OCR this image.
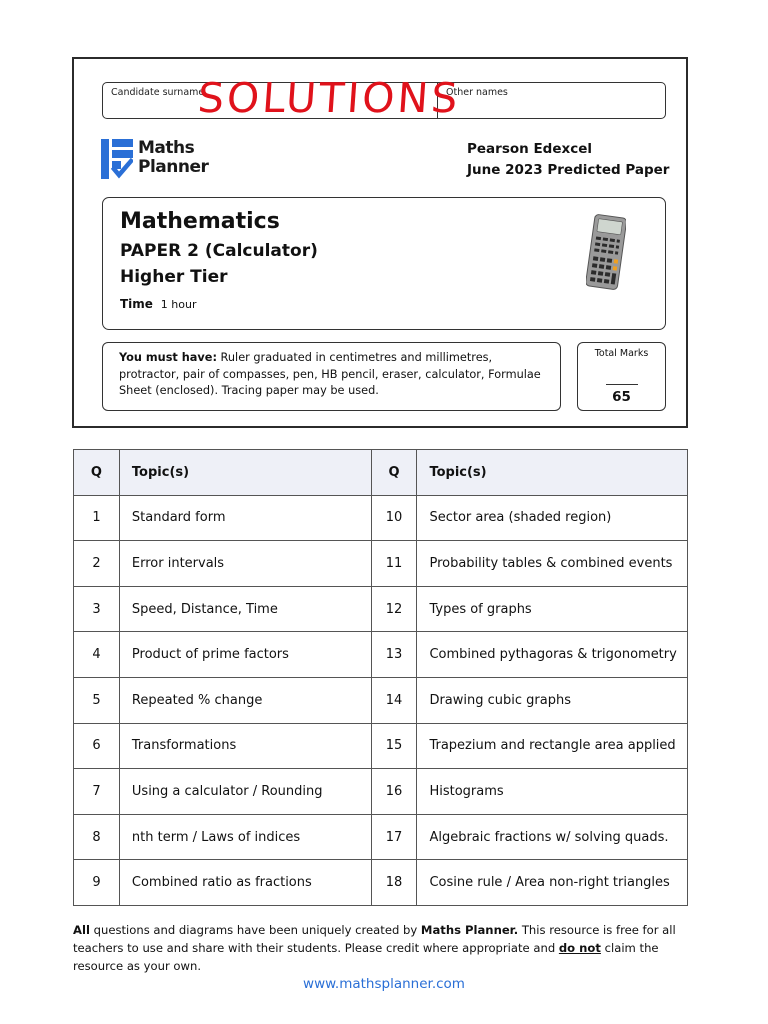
Candidate surname	Other names
SOLUTIONS
Maths
Planner
Pearson Edexcel
June 2023 Predicted Paper
Mathematics
PAPER 2 (Calculator)
Higher Tier
Time 1 hour
You must have: Ruler graduated in centimetres and millimetres, protractor, pair of compasses, pen, HB pencil, eraser, calculator, Formulae Sheet (enclosed). Tracing paper may be used.
Total Marks
65
Q	Topic(s)	Q	Topic(s)
1	Standard form	10	Sector area (shaded region)
2	Error intervals	11	Probability tables & combined events
3	Speed, Distance, Time	12	Types of graphs
4	Product of prime factors	13	Combined pythagoras & trigonometry
5	Repeated % change	14	Drawing cubic graphs
6	Transformations	15	Trapezium and rectangle area applied
7	Using a calculator / Rounding	16	Histograms
8	nth term / Laws of indices	17	Algebraic fractions w/ solving quads.
9	Combined ratio as fractions	18	Cosine rule / Area non-right triangles
All questions and diagrams have been uniquely created by Maths Planner. This resource is free for all teachers to use and share with their students. Please credit where appropriate and do not claim the resource as your own.
www.mathsplanner.com
